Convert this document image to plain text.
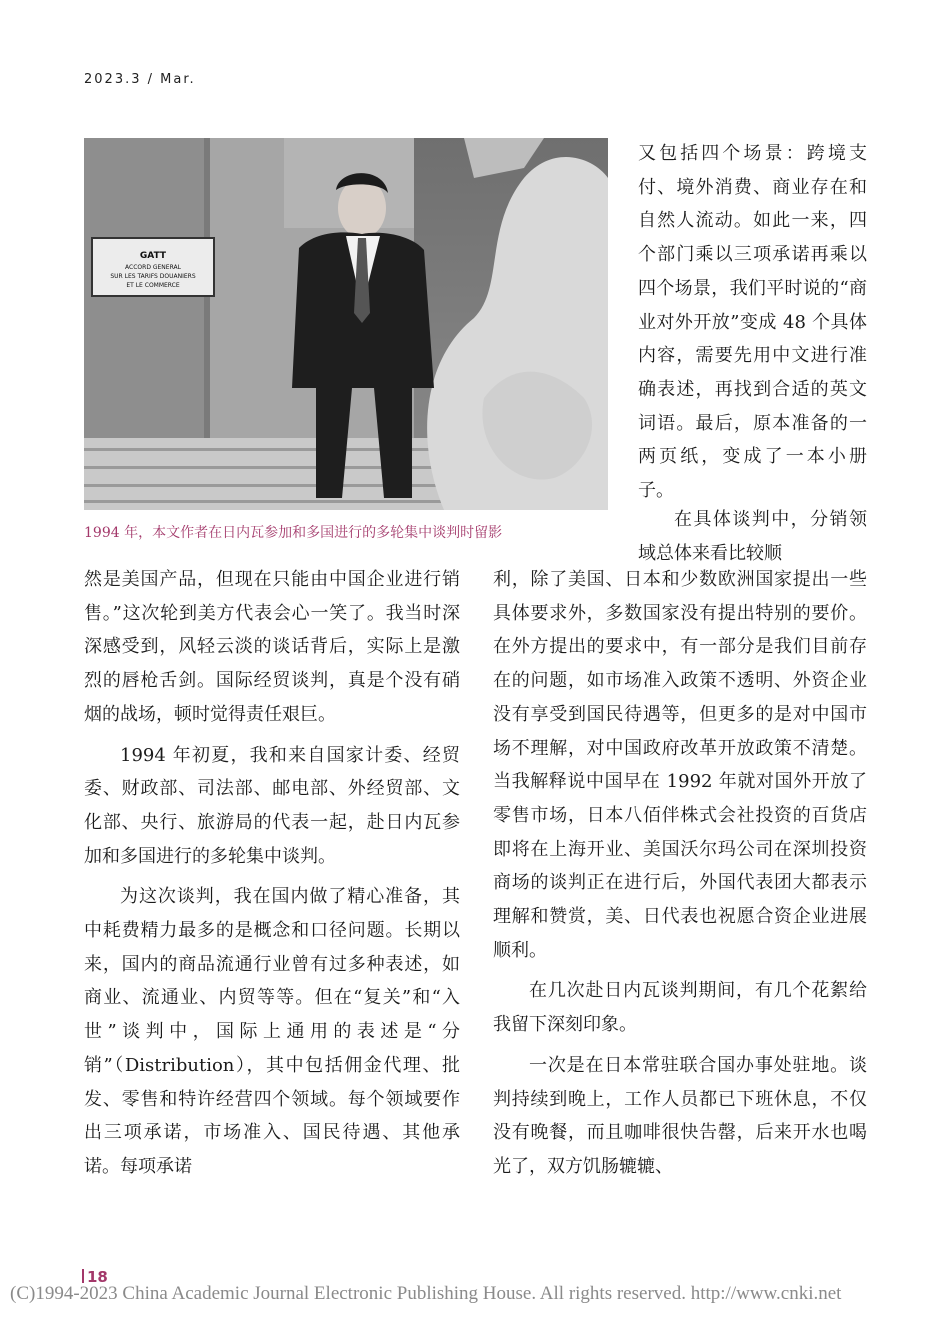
2023.3 / Mar.
GATT
ACCORD GENERAL
SUR LES TARIFS DOUANIERS
ET LE COMMERCE
1994 年，本文作者在日内瓦参加和多国进行的多轮集中谈判时留影

又包括四个场景：跨境支付、境外消费、商业存在和自然人流动。如此一来，四个部门乘以三项承诺再乘以四个场景，我们平时说的“商业对外开放”变成 48 个具体内容，需要先用中文进行准确表述，再找到合适的英文词语。最后，原本准备的一两页纸，变成了一本小册子。

在具体谈判中，分销领域总体来看比较顺

然是美国产品，但现在只能由中国企业进行销售。”这次轮到美方代表会心一笑了。我当时深深感受到，风轻云淡的谈话背后，实际上是激烈的唇枪舌剑。国际经贸谈判，真是个没有硝烟的战场，顿时觉得责任艰巨。

1994 年初夏，我和来自国家计委、经贸委、财政部、司法部、邮电部、外经贸部、文化部、央行、旅游局的代表一起，赴日内瓦参加和多国进行的多轮集中谈判。

为这次谈判，我在国内做了精心准备，其中耗费精力最多的是概念和口径问题。长期以来，国内的商品流通行业曾有过多种表述，如商业、流通业、内贸等等。但在“复关”和“入世”谈判中，国际上通用的表述是“分销”（Distribution），其中包括佣金代理、批发、零售和特许经营四个领域。每个领域要作出三项承诺，市场准入、国民待遇、其他承诺。每项承诺

利，除了美国、日本和少数欧洲国家提出一些具体要求外，多数国家没有提出特别的要价。在外方提出的要求中，有一部分是我们目前存在的问题，如市场准入政策不透明、外资企业没有享受到国民待遇等，但更多的是对中国市场不理解，对中国政府改革开放政策不清楚。当我解释说中国早在 1992 年就对国外开放了零售市场，日本八佰伴株式会社投资的百货店即将在上海开业、美国沃尔玛公司在深圳投资商场的谈判正在进行后，外国代表团大都表示理解和赞赏，美、日代表也祝愿合资企业进展顺利。

在几次赴日内瓦谈判期间，有几个花絮给我留下深刻印象。

一次是在日本常驻联合国办事处驻地。谈判持续到晚上，工作人员都已下班休息，不仅没有晚餐，而且咖啡很快告罄，后来开水也喝光了，双方饥肠辘辘、

18
(C)1994-2023 China Academic Journal Electronic Publishing House. All rights reserved. http://www.cnki.net
